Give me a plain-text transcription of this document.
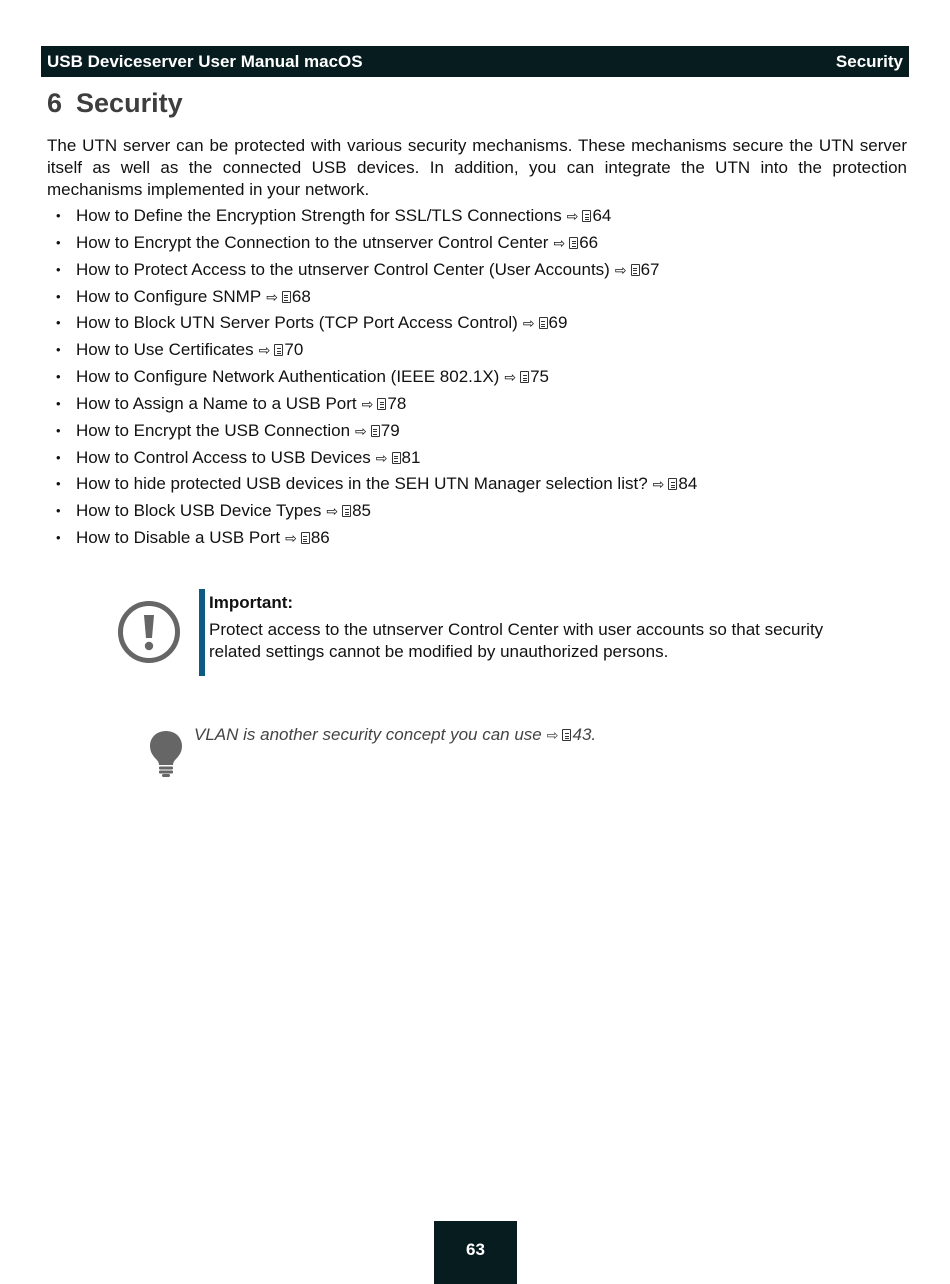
USB Deviceserver User Manual macOS	Security
6 Security

The UTN server can be protected with various security mechanisms. These mechanisms secure the UTN server itself as well as the connected USB devices. In addition, you can integrate the UTN into the protection mechanisms implemented in your network.

• How to Define the Encryption Strength for SSL/TLS Connections ⇨ 64
• How to Encrypt the Connection to the utnserver Control Center ⇨ 66
• How to Protect Access to the utnserver Control Center (User Accounts) ⇨ 67
• How to Configure SNMP ⇨ 68
• How to Block UTN Server Ports (TCP Port Access Control) ⇨ 69
• How to Use Certificates ⇨ 70
• How to Configure Network Authentication (IEEE 802.1X) ⇨ 75
• How to Assign a Name to a USB Port ⇨ 78
• How to Encrypt the USB Connection ⇨ 79
• How to Control Access to USB Devices ⇨ 81
• How to hide protected USB devices in the SEH UTN Manager selection list? ⇨ 84
• How to Block USB Device Types ⇨ 85
• How to Disable a USB Port ⇨ 86

Important:

Protect access to the utnserver Control Center with user accounts so that security related settings cannot be modified by unauthorized persons.

VLAN is another security concept you can use ⇨ 43.

63
